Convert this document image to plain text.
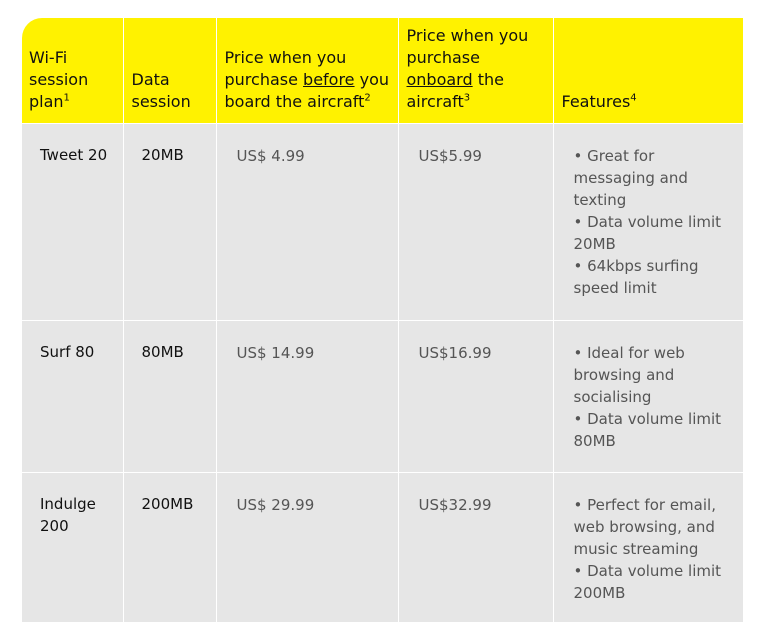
Wi-Fi session plan$^1$	Data session	Price when you purchase before you board the aircraft$^2$	Price when you purchase onboard the aircraft$^3$	Features$^4$
Tweet 20	20MB	US$ 4.99	US$5.99	• Great for messaging and texting
• Data volume limit 20MB
• 64kbps surfing speed limit

Surf 80	80MB	US$ 14.99	US$16.99	• Ideal for web browsing and socialising
• Data volume limit 80MB

Indulge 200	200MB	US$ 29.99	US$32.99	• Perfect for email, web browsing, and music streaming
• Data volume limit 200MB
